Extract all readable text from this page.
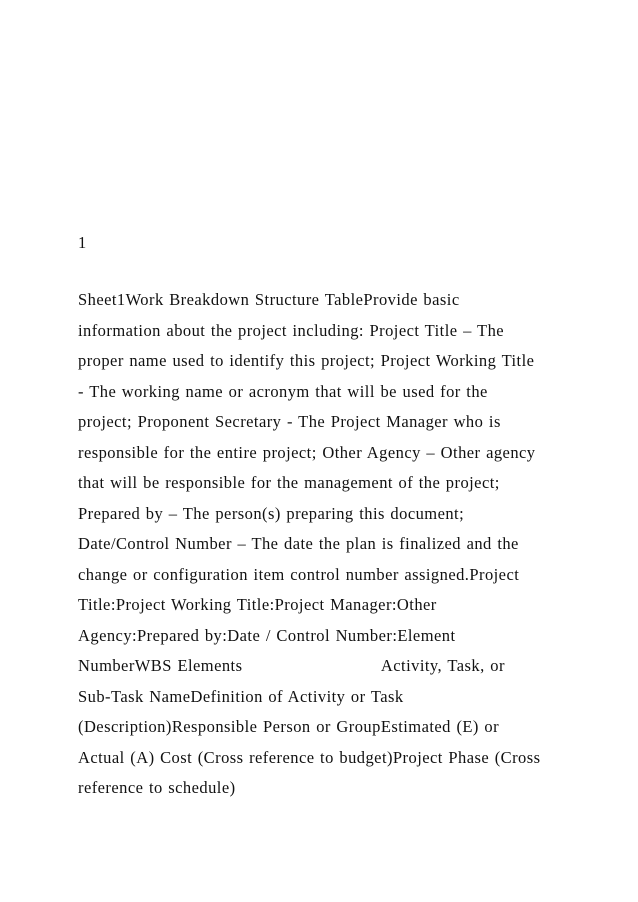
1
Sheet1Work Breakdown Structure TableProvide basic
information about the project including: Project Title – The
proper name used to identify this project; Project Working Title
- The working name or acronym that will be used for the
project; Proponent Secretary - The Project Manager who is
responsible for the entire project; Other Agency – Other agency
that will be responsible for the management of the project;
Prepared by – The person(s) preparing this document;
Date/Control Number – The date the plan is finalized and the
change or configuration item control number assigned.Project
Title:Project Working Title:Project Manager:Other
Agency:Prepared by:Date / Control Number:Element
NumberWBS Elements                         Activity, Task, or
Sub-Task NameDefinition of Activity or Task
(Description)Responsible Person or GroupEstimated (E) or
Actual (A) Cost (Cross reference to budget)Project Phase (Cross
reference to schedule)
